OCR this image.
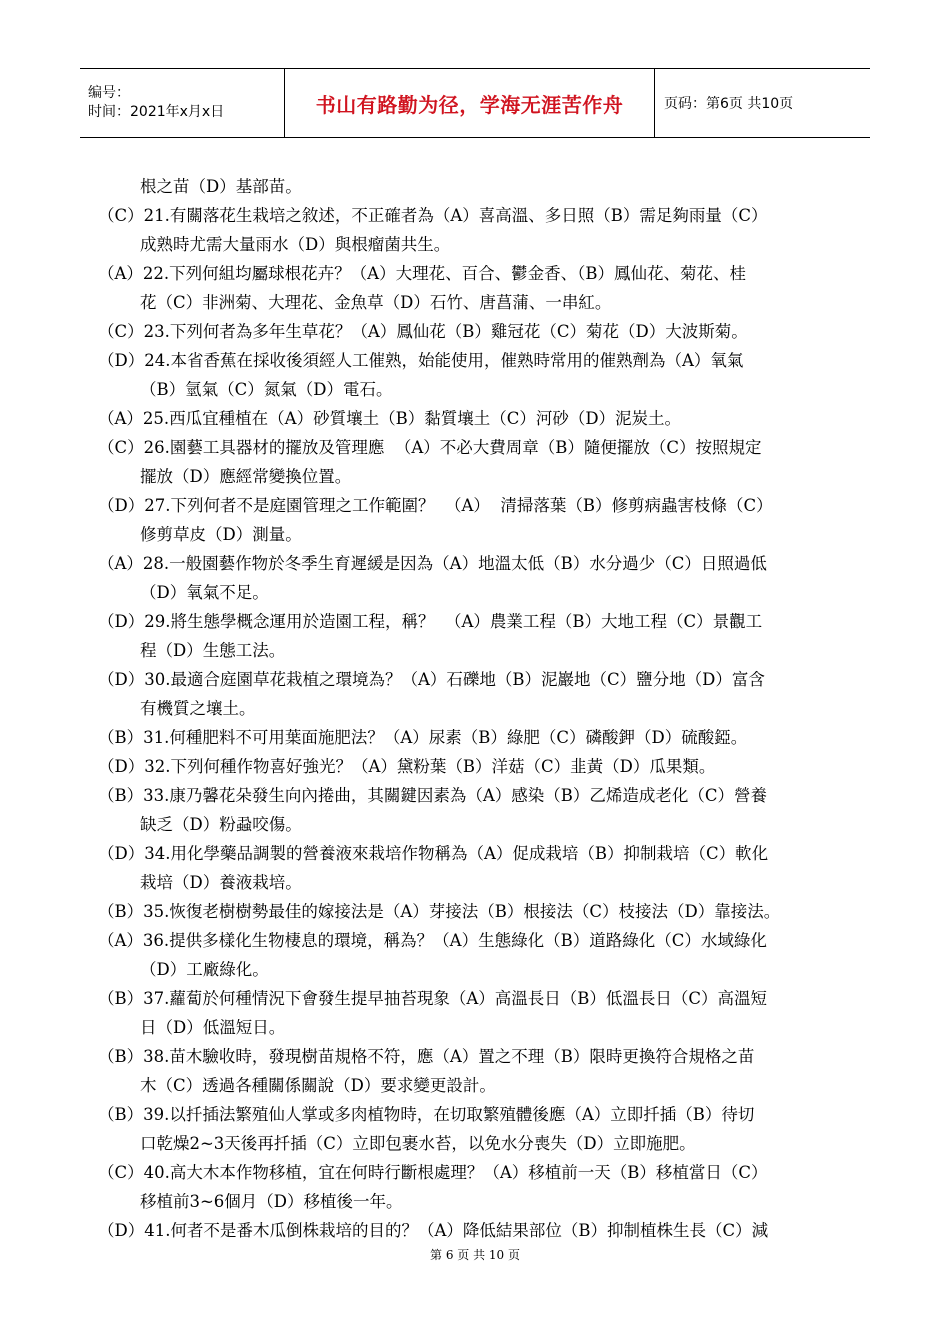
编号：
时间：2021年x月x日	书山有路勤为径，学海无涯苦作舟	页码：第6页 共10页
根之苗（D）基部苗。
（C）21.有關落花生栽培之敘述，不正確者為（A）喜高溫、多日照（B）需足夠雨量（C）
成熟時尤需大量雨水（D）與根瘤菌共生。
（A）22.下列何組均屬球根花卉？（A）大理花、百合、鬱金香、（B）鳳仙花、菊花、桂
花（C）非洲菊、大理花、金魚草（D）石竹、唐菖蒲、一串紅。
（C）23.下列何者為多年生草花？（A）鳳仙花（B）雞冠花（C）菊花（D）大波斯菊。
（D）24.本省香蕉在採收後須經人工催熟，始能使用，催熟時常用的催熟劑為（A）氧氣
（B）氫氣（C）氮氣（D）電石。
（A）25.西瓜宜種植在（A）砂質壤土（B）黏質壤土（C）河砂（D）泥炭土。
（C）26.園藝工具器材的擺放及管理應  （A）不必大費周章（B）隨便擺放（C）按照規定
擺放（D）應經常變換位置。
（D）27.下列何者不是庭園管理之工作範圍？  （A）  清掃落葉（B）修剪病蟲害枝條（C）
修剪草皮（D）測量。
（A）28.一般園藝作物於冬季生育遲緩是因為（A）地溫太低（B）水分過少（C）日照過低
（D）氧氣不足。
（D）29.將生態學概念運用於造園工程，稱？  （A）農業工程（B）大地工程（C）景觀工
程（D）生態工法。
（D）30.最適合庭園草花栽植之環境為？（A）石礫地（B）泥巖地（C）鹽分地（D）富含
有機質之壤土。
（B）31.何種肥料不可用葉面施肥法？（A）尿素（B）綠肥（C）磷酸鉀（D）硫酸錏。
（D）32.下列何種作物喜好強光？（A）黛粉葉（B）洋菇（C）韭黃（D）瓜果類。
（B）33.康乃馨花朵發生向內捲曲，其關鍵因素為（A）感染（B）乙烯造成老化（C）營養
缺乏（D）粉蝨咬傷。
（D）34.用化學藥品調製的營養液來栽培作物稱為（A）促成栽培（B）抑制栽培（C）軟化
栽培（D）養液栽培。
（B）35.恢復老樹樹勢最佳的嫁接法是（A）芽接法（B）根接法（C）枝接法（D）靠接法。
（A）36.提供多樣化生物棲息的環境，稱為？（A）生態綠化（B）道路綠化（C）水域綠化
（D）工廠綠化。
（B）37.蘿蔔於何種情況下會發生提早抽苔現象（A）高溫長日（B）低溫長日（C）高溫短
日（D）低溫短日。
（B）38.苗木驗收時，發現樹苗規格不符，應（A）置之不理（B）限時更換符合規格之苗
木（C）透過各種關係關說（D）要求變更設計。
（B）39.以扦插法繁殖仙人掌或多肉植物時，在切取繁殖體後應（A）立即扦插（B）待切
口乾燥2~3天後再扦插（C）立即包裹水苔，以免水分喪失（D）立即施肥。
（C）40.高大木本作物移植，宜在何時行斷根處理？（A）移植前一天（B）移植當日（C）
移植前3~6個月（D）移植後一年。
（D）41.何者不是番木瓜倒株栽培的目的？（A）降低結果部位（B）抑制植株生長（C）減
第 6 页 共 10 页
